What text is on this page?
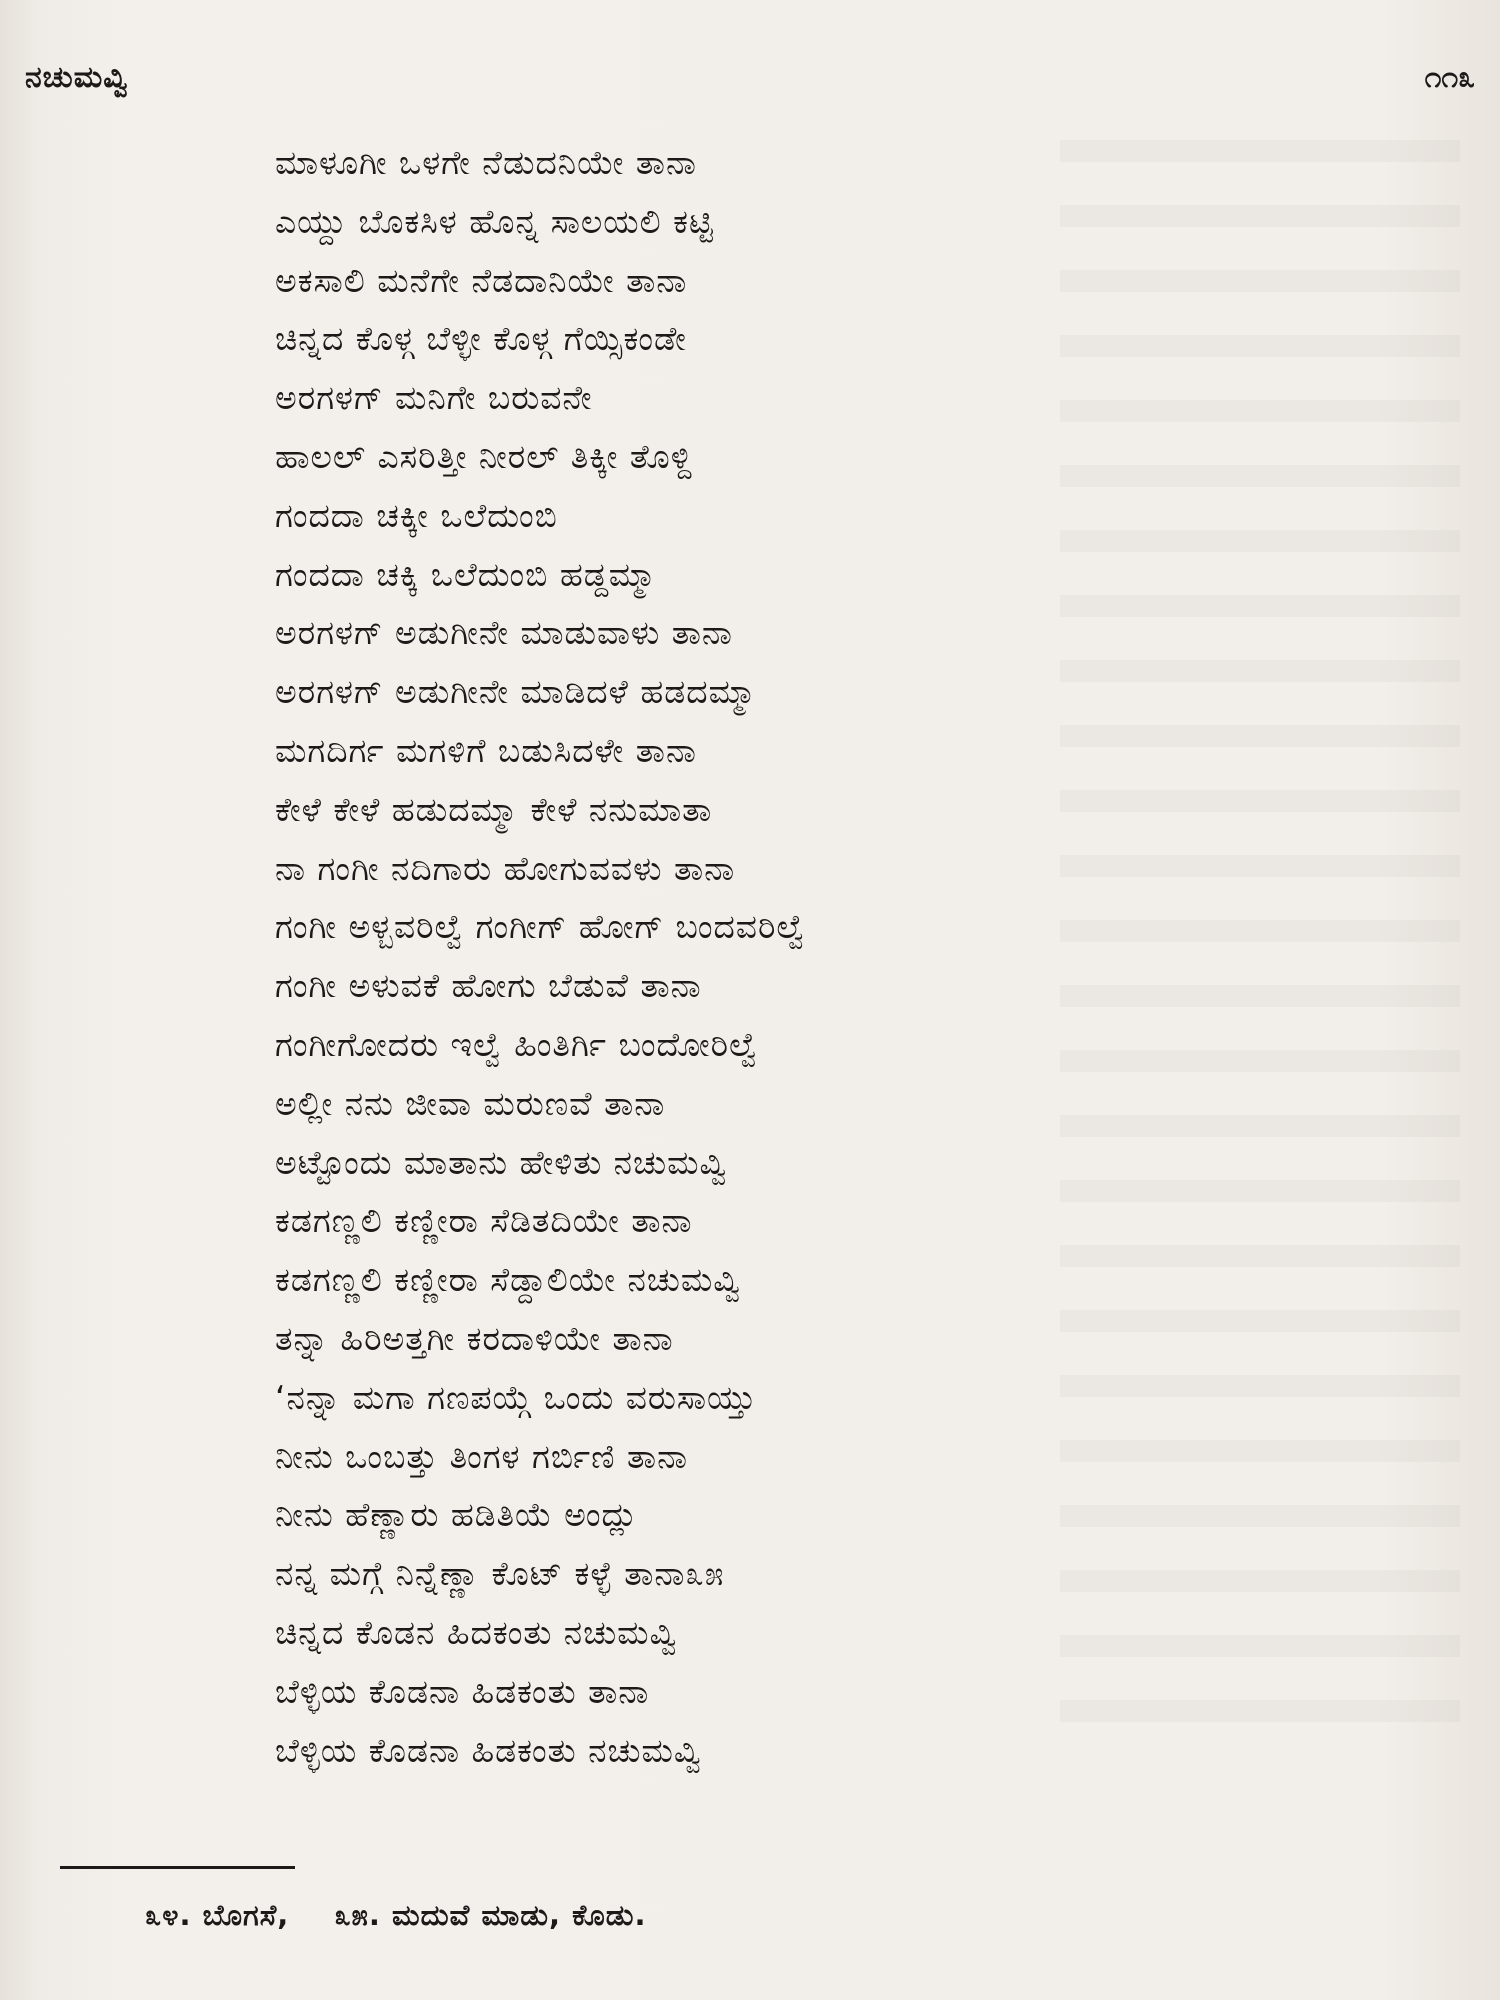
ನಚುಮವ್ವಿ	೧೧೩
ಮಾಳೂಗೀ ಒಳಗೇ ನೆಡುದನಿಯೇ ತಾನಾ
ಎಯ್ದು ಬೊಕಸಿಳ ಹೊನ್ನ ಸಾಲಯಲಿ ಕಟ್ಟಿ
ಅಕಸಾಲಿ ಮನೆಗೇ ನೆಡದಾನಿಯೇ ತಾನಾ
ಚಿನ್ನದ ಕೊಳ್ಗ ಬೆಳ್ಳೀ ಕೊಳ್ಗ ಗೆಯ್ಸಿಕಂಡೇ
ಅರಗಳಗ್ ಮನಿಗೇ ಬರುವನೇ
ಹಾಲಲ್ ಎಸರಿತ್ತೀ ನೀರಲ್ ತಿಕ್ಕೀ ತೊಳ್ದಿ
ಗಂದದಾ ಚಕ್ಕೀ ಒಲೆದುಂಬಿ
ಗಂದದಾ ಚಕ್ಕಿ ಒಲೆದುಂಬಿ ಹಡ್ದಮ್ಮಾ
ಅರಗಳಗ್ ಅಡುಗೀನೇ ಮಾಡುವಾಳು ತಾನಾ
ಅರಗಳಗ್ ಅಡುಗೀನೇ ಮಾಡಿದಳೆ ಹಡದಮ್ಮಾ
ಮಗದಿರ್ಗ ಮಗಳಿಗೆ ಬಡುಸಿದಳೇ ತಾನಾ
ಕೇಳೆ ಕೇಳೆ ಹಡುದಮ್ಮಾ ಕೇಳೆ ನನುಮಾತಾ
ನಾ ಗಂಗೀ ನದಿಗಾರು ಹೋಗುವವಳು ತಾನಾ
ಗಂಗೀ ಅಳ್ಬವರಿಲ್ವೆ ಗಂಗೀಗ್ ಹೋಗ್ ಬಂದವರಿಲ್ವೆ
ಗಂಗೀ ಅಳುವಕೆ ಹೋಗು ಬೆಡುವೆ ತಾನಾ
ಗಂಗೀಗೋದರು ಇಲ್ವೆ ಹಿಂತಿರ್ಗಿ ಬಂದೋರಿಲ್ವೆ
ಅಲ್ಲೀ ನನು ಜೀವಾ ಮರುಣವೆ ತಾನಾ
ಅಟ್ಟೊಂದು ಮಾತಾನು ಹೇಳಿತು ನಚುಮವ್ವಿ
ಕಡಗಣ್ಣಲಿ ಕಣ್ಣೀರಾ ಸೆಡಿತದಿಯೇ ತಾನಾ
ಕಡಗಣ್ಣಲಿ ಕಣ್ಣೀರಾ ಸೆಡ್ದಾಲಿಯೇ ನಚುಮವ್ವಿ
ತನ್ನಾ ಹಿರಿಅತ್ತಗೀ ಕರದಾಳಿಯೇ ತಾನಾ
‘ನನ್ನಾ ಮಗಾ ಗಣಪಯ್ಗೆ ಒಂದು ವರುಸಾಯ್ತು
ನೀನು ಒಂಬತ್ತು ತಿಂಗಳ ಗರ್ಬಿಣಿ ತಾನಾ
ನೀನು ಹೆಣ್ಣಾರು ಹಡಿತಿಯೆ ಅಂದ್ಲು
ನನ್ನ ಮಗ್ಗೆ ನಿನ್ನೆಣ್ಣಾ ಕೊಟ್ ಕಳ್ಳೆ ತಾನಾ೩೫
ಚಿನ್ನದ ಕೊಡನ ಹಿದಕಂತು ನಚುಮವ್ವಿ
ಬೆಳ್ಳಿಯ ಕೊಡನಾ ಹಿಡಕಂತು ತಾನಾ
ಬೆಳ್ಳಿಯ ಕೊಡನಾ ಹಿಡಕಂತು ನಚುಮವ್ವಿ
೩೪. ಬೊಗಸೆ, ೩೫. ಮದುವೆ ಮಾಡು, ಕೊಡು.
